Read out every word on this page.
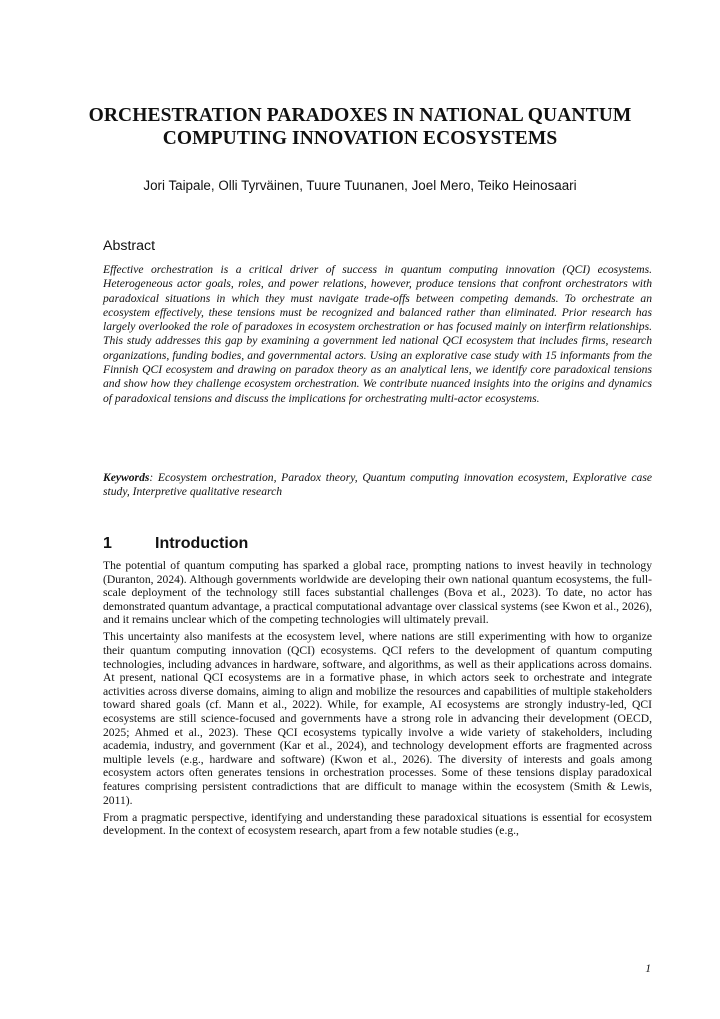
ORCHESTRATION PARADOXES IN NATIONAL QUANTUM COMPUTING INNOVATION ECOSYSTEMS
Jori Taipale, Olli Tyrväinen, Tuure Tuunanen, Joel Mero, Teiko Heinosaari
Abstract
Effective orchestration is a critical driver of success in quantum computing innovation (QCI) ecosystems. Heterogeneous actor goals, roles, and power relations, however, produce tensions that confront orchestrators with paradoxical situations in which they must navigate trade-offs between competing demands. To orchestrate an ecosystem effectively, these tensions must be recognized and balanced rather than eliminated. Prior research has largely overlooked the role of paradoxes in ecosystem orchestration or has focused mainly on interfirm relationships. This study addresses this gap by examining a government led national QCI ecosystem that includes firms, research organizations, funding bodies, and governmental actors. Using an explorative case study with 15 informants from the Finnish QCI ecosystem and drawing on paradox theory as an analytical lens, we identify core paradoxical tensions and show how they challenge ecosystem orchestration. We contribute nuanced insights into the origins and dynamics of paradoxical tensions and discuss the implications for orchestrating multi-actor ecosystems.
Keywords: Ecosystem orchestration, Paradox theory, Quantum computing innovation ecosystem, Explorative case study, Interpretive qualitative research
1	Introduction

The potential of quantum computing has sparked a global race, prompting nations to invest heavily in technology (Duranton, 2024). Although governments worldwide are developing their own national quantum ecosystems, the full-scale deployment of the technology still faces substantial challenges (Bova et al., 2023). To date, no actor has demonstrated quantum advantage, a practical computational advantage over classical systems (see Kwon et al., 2026), and it remains unclear which of the competing technologies will ultimately prevail.

This uncertainty also manifests at the ecosystem level, where nations are still experimenting with how to organize their quantum computing innovation (QCI) ecosystems. QCI refers to the development of quantum computing technologies, including advances in hardware, software, and algorithms, as well as their applications across domains. At present, national QCI ecosystems are in a formative phase, in which actors seek to orchestrate and integrate activities across diverse domains, aiming to align and mobilize the resources and capabilities of multiple stakeholders toward shared goals (cf. Mann et al., 2022). While, for example, AI ecosystems are strongly industry-led, QCI ecosystems are still science-focused and governments have a strong role in advancing their development (OECD, 2025; Ahmed et al., 2023). These QCI ecosystems typically involve a wide variety of stakeholders, including academia, industry, and government (Kar et al., 2024), and technology development efforts are fragmented across multiple levels (e.g., hardware and software) (Kwon et al., 2026). The diversity of interests and goals among ecosystem actors often generates tensions in orchestration processes. Some of these tensions display paradoxical features comprising persistent contradictions that are difficult to manage within the ecosystem (Smith & Lewis, 2011).

From a pragmatic perspective, identifying and understanding these paradoxical situations is essential for ecosystem development. In the context of ecosystem research, apart from a few notable studies (e.g.,

1
